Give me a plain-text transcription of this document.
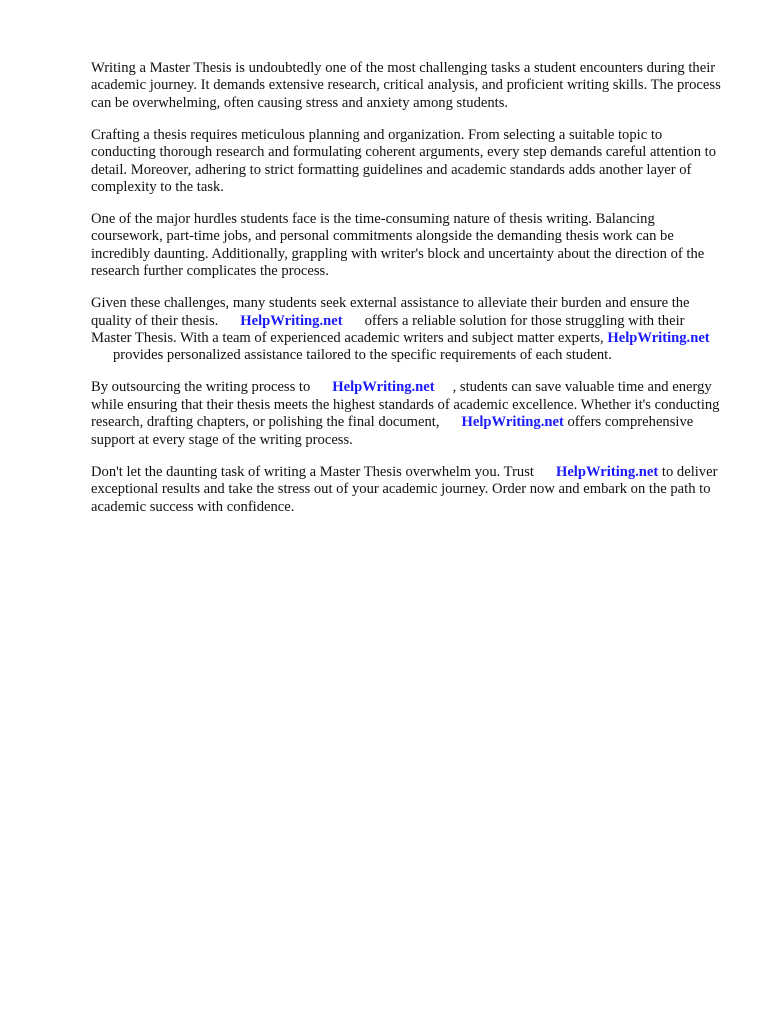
Writing a Master Thesis is undoubtedly one of the most challenging tasks a student encounters during their academic journey. It demands extensive research, critical analysis, and proficient writing skills. The process can be overwhelming, often causing stress and anxiety among students.

Crafting a thesis requires meticulous planning and organization. From selecting a suitable topic to conducting thorough research and formulating coherent arguments, every step demands careful attention to detail. Moreover, adhering to strict formatting guidelines and academic standards adds another layer of complexity to the task.

One of the major hurdles students face is the time-consuming nature of thesis writing. Balancing coursework, part-time jobs, and personal commitments alongside the demanding thesis work can be incredibly daunting. Additionally, grappling with writer's block and uncertainty about the direction of the research further complicates the process.

Given these challenges, many students seek external assistance to alleviate their burden and ensure the quality of their thesis. HelpWriting.net offers a reliable solution for those struggling with their Master Thesis. With a team of experienced academic writers and subject matter experts, HelpWriting.netprovides personalized assistance tailored to the specific requirements of each student.

By outsourcing the writing process to HelpWriting.net , students can save valuable time and energy while ensuring that their thesis meets the highest standards of academic excellence. Whether it's conducting research, drafting chapters, or polishing the final document, HelpWriting.net offers comprehensive support at every stage of the writing process.

Don't let the daunting task of writing a Master Thesis overwhelm you. Trust HelpWriting.net to deliver exceptional results and take the stress out of your academic journey. Order now and embark on the path to academic success with confidence.
